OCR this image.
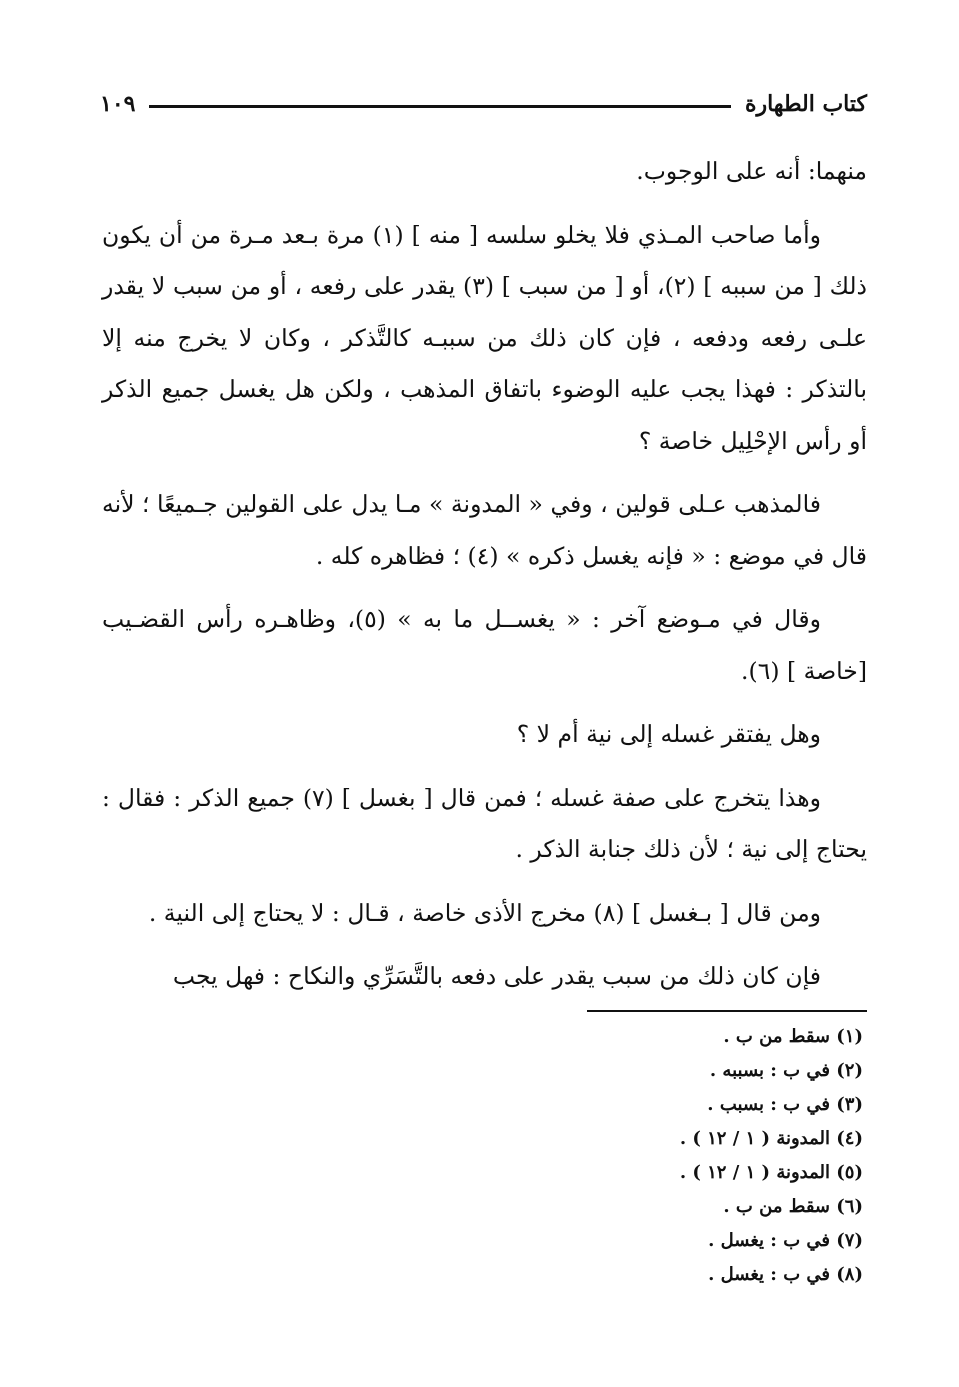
كتاب الطهارة
١٠٩

منهما: أنه على الوجوب.

وأما صاحب المـذي فلا يخلو سلسه [ منه ] (١) مرة بـعد مـرة من أن يكون ذلك [ من سببه ] (٢)، أو [ من سبب ] (٣) يقدر على رفعه ، أو من سبب لا يقدر علـى رفعه ودفعه ، فإن كان ذلك من سببـه كالتَّذكر ، وكان لا يخرج منه إلا بالتذكر : فهذا يجب عليه الوضوء باتفاق المذهب ، ولكن هل يغسل جميع الذكر أو رأس الإحْلِيل خاصة ؟

فالمذهب عـلى قولين ، وفي « المدونة » مـا يدل على القولين جـميعًا ؛ لأنه قال في موضع : « فإنه يغسل ذكره » (٤) ؛ فظاهره كله .

وقال في مـوضع آخر : « يغســل ما به » (٥)، وظاهـره رأس القضـيب [خاصة ] (٦).

وهل يفتقر غسله إلى نية أم لا ؟

وهذا يتخرج على صفة غسله ؛ فمن قال [ بغسل ] (٧) جميع الذكر : فقال : يحتاج إلى نية ؛ لأن ذلك جنابة الذكر .

ومن قال [ بـغسل ] (٨) مخرج الأذى خاصة ، قـال : لا يحتاج إلى النية .

فإن كان ذلك من سبب يقدر على دفعه بالتَّسَرِّي والنكاح : فهل يجب

(١) سقط من ب .

(٢) في ب : بسببه .

(٣) في ب : بسبب .

(٤) المدونة ( ١ / ١٢ ) .

(٥) المدونة ( ١ / ١٢ ) .

(٦) سقط من ب .

(٧) في ب : يغسل .

(٨) في ب : يغسل .
